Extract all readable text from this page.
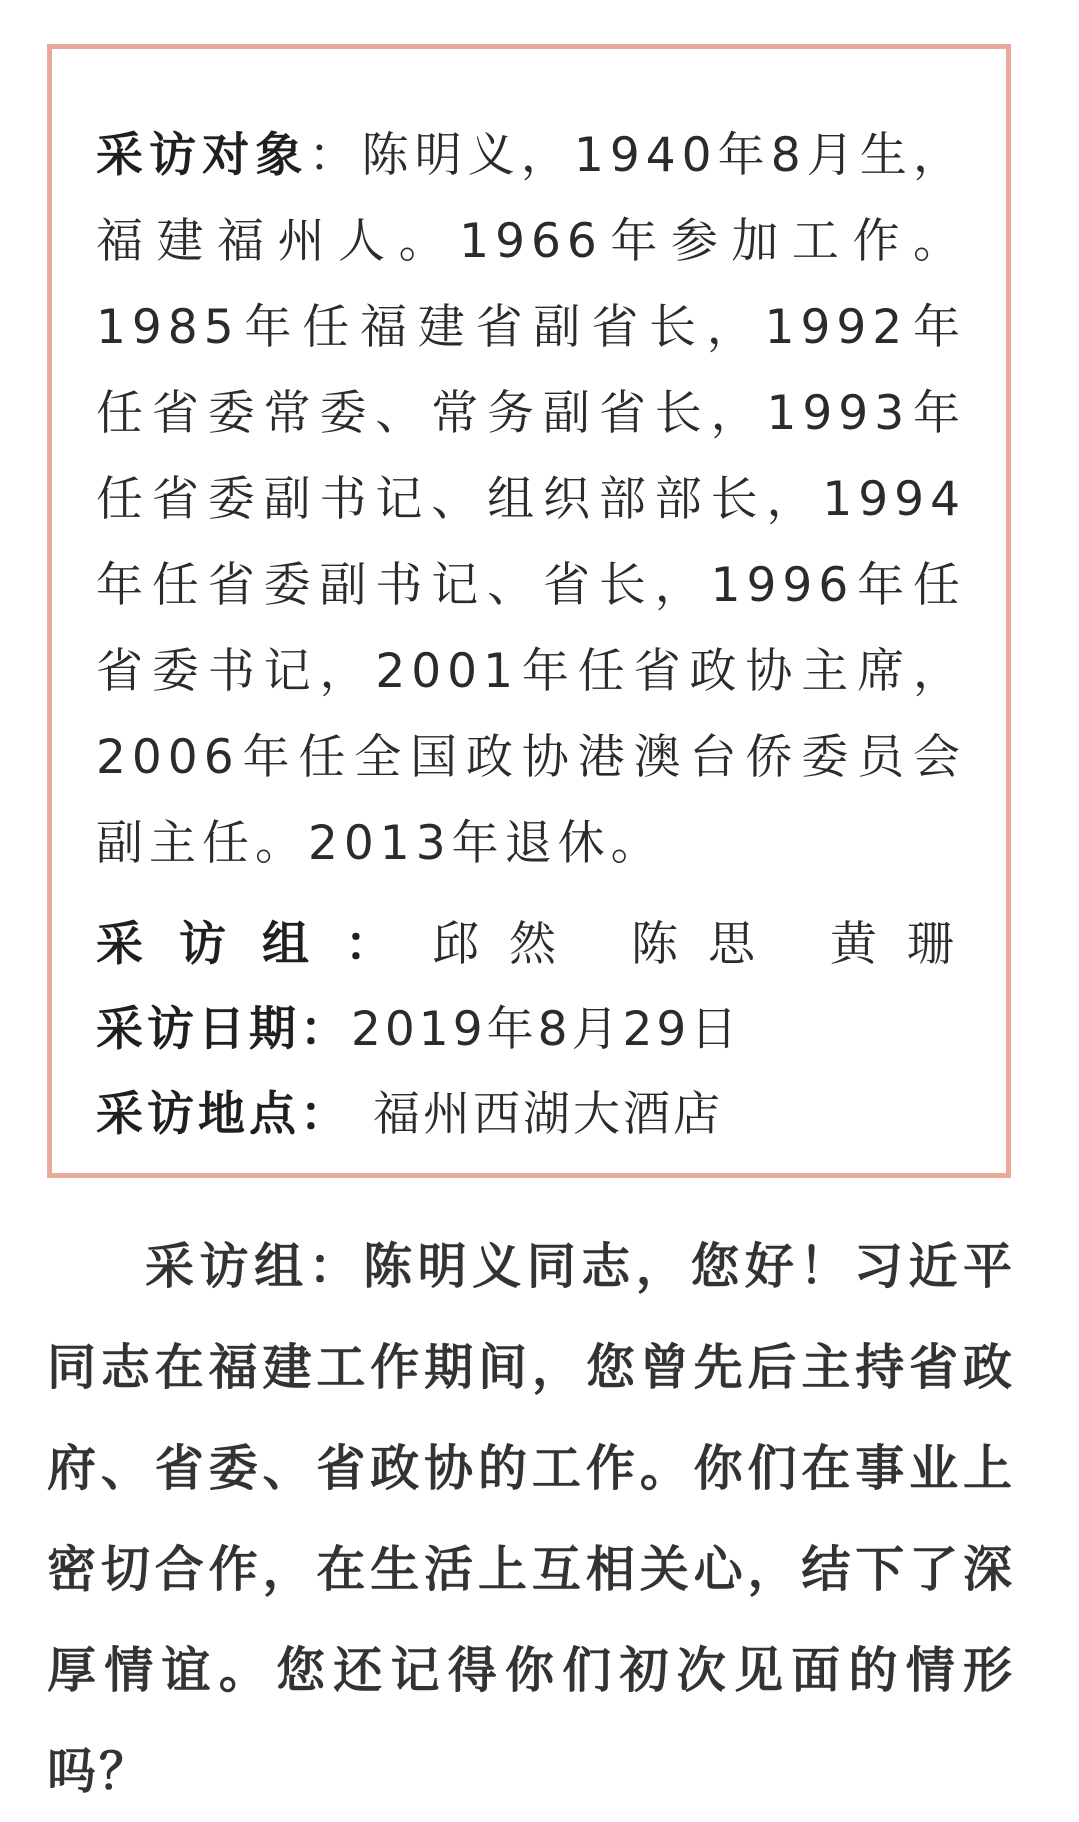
采访对象：陈明义，1940年8月生，福建福州人。1966年参加工作。1985年任福建省副省长，1992年任省委常委、常务副省长，1993年任省委副书记、组织部部长，1994年任省委副书记、省长，1996年任省委书记，2001年任省政协主席，2006年任全国政协港澳台侨委员会副主任。2013年退休。

采访组：邱然 陈思 黄珊
采访日期：2019年8月29日
采访地点： 福州西湖大酒店

采访组：陈明义同志，您好！习近平同志在福建工作期间，您曾先后主持省政府、省委、省政协的工作。你们在事业上密切合作，在生活上互相关心，结下了深厚情谊。您还记得你们初次见面的情形吗？
